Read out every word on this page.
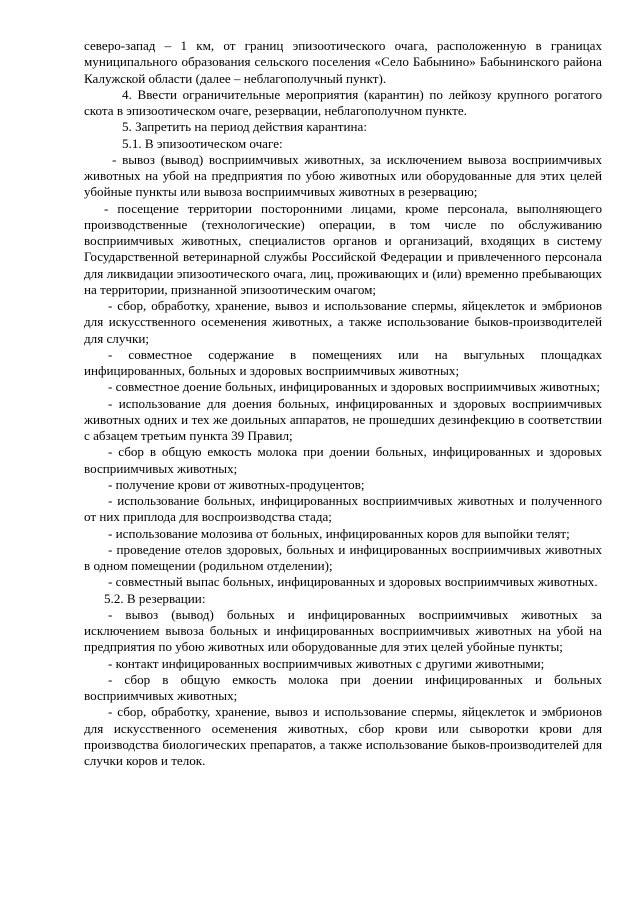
северо-запад – 1 км, от границ эпизоотического очага, расположенную в границах муниципального образования сельского поселения «Село Бабынино» Бабынинского района Калужской области (далее – неблагополучный пункт).

4. Ввести ограничительные мероприятия (карантин) по лейкозу крупного рогатого скота в эпизоотическом очаге, резервации, неблагополучном пункте.

5. Запретить на период действия карантина:

5.1. В эпизоотическом очаге:

- вывоз (вывод) восприимчивых животных, за исключением вывоза восприимчивых животных на убой на предприятия по убою животных или оборудованные для этих целей убойные пункты или вывоза восприимчивых животных в резервацию;

- посещение территории посторонними лицами, кроме персонала, выполняющего производственные (технологические) операции, в том числе по обслуживанию восприимчивых животных, специалистов органов и организаций, входящих в систему Государственной ветеринарной службы Российской Федерации и привлеченного персонала для ликвидации эпизоотического очага, лиц, проживающих и (или) временно пребывающих на территории, признанной эпизоотическим очагом;

- сбор, обработку, хранение, вывоз и использование спермы, яйцеклеток и эмбрионов для искусственного осеменения животных, а также использование быков-производителей для случки;

- совместное содержание в помещениях или на выгульных площадках инфицированных, больных и здоровых восприимчивых животных;

- совместное доение больных, инфицированных и здоровых восприимчивых животных;

- использование для доения больных, инфицированных и здоровых восприимчивых животных одних и тех же доильных аппаратов, не прошедших дезинфекцию в соответствии с абзацем третьим пункта 39 Правил;

- сбор в общую емкость молока при доении больных, инфицированных и здоровых восприимчивых животных;

- получение крови от животных-продуцентов;

- использование больных, инфицированных восприимчивых животных и полученного от них приплода для воспроизводства стада;

- использование молозива от больных, инфицированных коров для выпойки телят;

- проведение отелов здоровых, больных и инфицированных восприимчивых животных в одном помещении (родильном отделении);

- совместный выпас больных, инфицированных и здоровых восприимчивых животных.

5.2. В резервации:

- вывоз (вывод) больных и инфицированных восприимчивых животных за исключением вывоза больных и инфицированных восприимчивых животных на убой на предприятия по убою животных или оборудованные для этих целей убойные пункты;

- контакт инфицированных восприимчивых животных с другими животными;

- сбор в общую емкость молока при доении инфицированных и больных восприимчивых животных;

- сбор, обработку, хранение, вывоз и использование спермы, яйцеклеток и эмбрионов для искусственного осеменения животных, сбор крови или сыворотки крови для производства биологических препаратов, а также использование быков-производителей для случки коров и телок.
